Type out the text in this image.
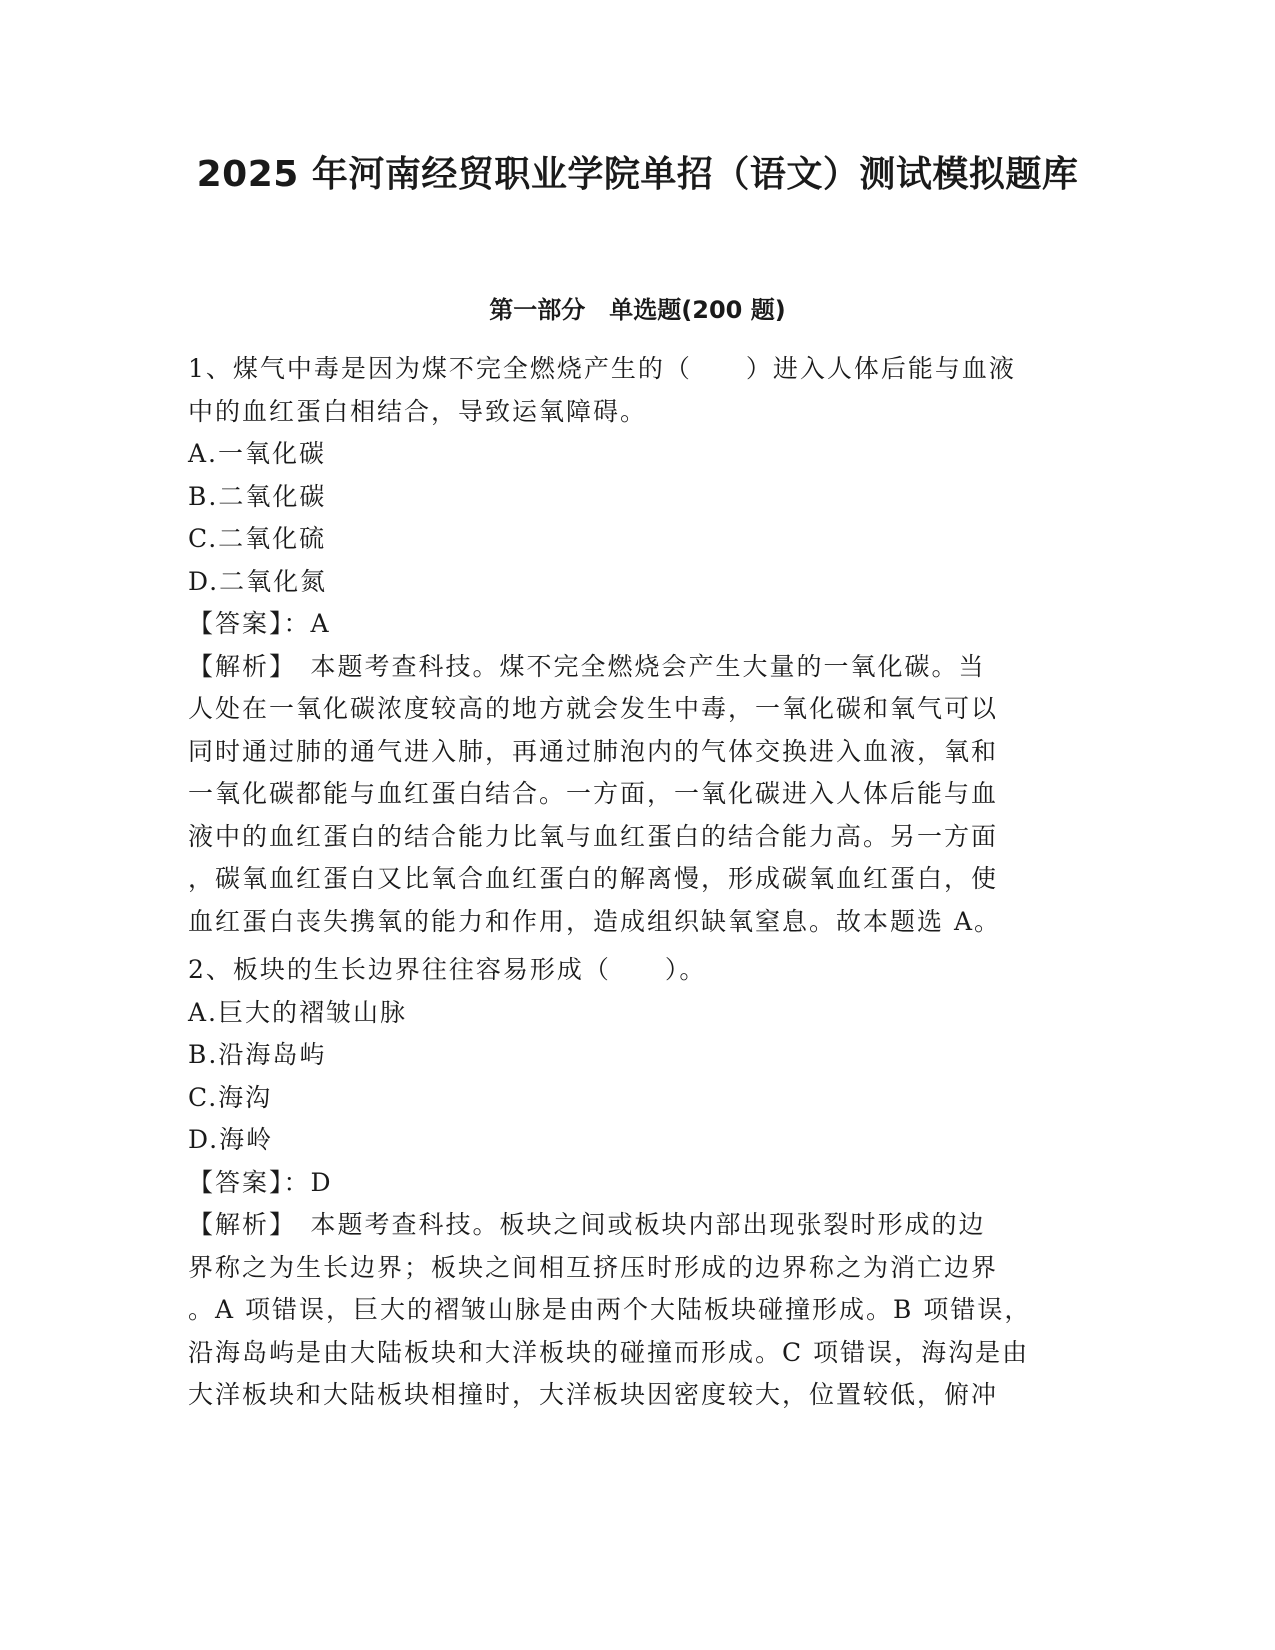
2025 年河南经贸职业学院单招（语文）测试模拟题库
第一部分　单选题(200 题)
1、煤气中毒是因为煤不完全燃烧产生的（　　）进入人体后能与血液
中的血红蛋白相结合，导致运氧障碍。
A.一氧化碳
B.二氧化碳
C.二氧化硫
D.二氧化氮
【答案】：A
【解析】　本题考查科技。煤不完全燃烧会产生大量的一氧化碳。当
人处在一氧化碳浓度较高的地方就会发生中毒，一氧化碳和氧气可以
同时通过肺的通气进入肺，再通过肺泡内的气体交换进入血液，氧和
一氧化碳都能与血红蛋白结合。一方面，一氧化碳进入人体后能与血
液中的血红蛋白的结合能力比氧与血红蛋白的结合能力高。另一方面
，碳氧血红蛋白又比氧合血红蛋白的解离慢，形成碳氧血红蛋白，使
血红蛋白丧失携氧的能力和作用，造成组织缺氧窒息。故本题选 A。
2、板块的生长边界往往容易形成（　　）。
A.巨大的褶皱山脉
B.沿海岛屿
C.海沟
D.海岭
【答案】：D
【解析】　本题考查科技。板块之间或板块内部出现张裂时形成的边
界称之为生长边界；板块之间相互挤压时形成的边界称之为消亡边界
。A 项错误，巨大的褶皱山脉是由两个大陆板块碰撞形成。B 项错误，
沿海岛屿是由大陆板块和大洋板块的碰撞而形成。C 项错误，海沟是由
大洋板块和大陆板块相撞时，大洋板块因密度较大，位置较低，俯冲
